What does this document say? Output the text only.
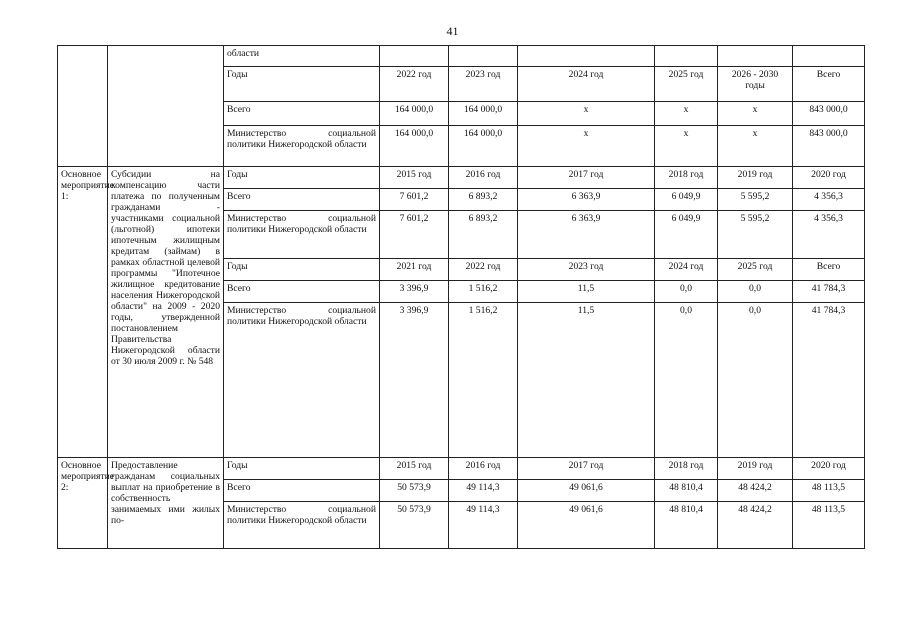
41
		области						
		Годы	2022 год	2023 год	2024 год	2025 год	2026 - 2030 годы	Всего
		Всего	164 000,0	164 000,0	х	х	х	843 000,0
		Министерство социальной политики Нижегородской области	164 000,0	164 000,0	х	х	х	843 000,0
Основное мероприятие 1:	Субсидии на компенсацию части платежа по полученным гражданами - участниками социальной (льготной) ипотеки ипотечным жилищным кредитам (займам) в рамках областной целевой программы "Ипотечное жилищное кредитование населения Нижегородской области" на 2009 - 2020 годы, утвержденной постановлением Правительства Нижегородской области от 30 июля 2009 г. № 548	Годы	2015 год	2016 год	2017 год	2018 год	2019 год	2020 год
		Всего	7 601,2	6 893,2	6 363,9	6 049,9	5 595,2	4 356,3
		Министерство социальной политики Нижегородской области	7 601,2	6 893,2	6 363,9	6 049,9	5 595,2	4 356,3
		Годы	2021 год	2022 год	2023 год	2024 год	2025 год	Всего
		Всего	3 396,9	1 516,2	11,5	0,0	0,0	41 784,3
		Министерство социальной политики Нижегородской области	3 396,9	1 516,2	11,5	0,0	0,0	41 784,3
Основное мероприятие 2:	Предоставление гражданам социальных выплат на приобретение в собственность занимаемых ими жилых по-	Годы	2015 год	2016 год	2017 год	2018 год	2019 год	2020 год
		Всего	50 573,9	49 114,3	49 061,6	48 810,4	48 424,2	48 113,5
		Министерство социальной политики Нижегородской области	50 573,9	49 114,3	49 061,6	48 810,4	48 424,2	48 113,5
